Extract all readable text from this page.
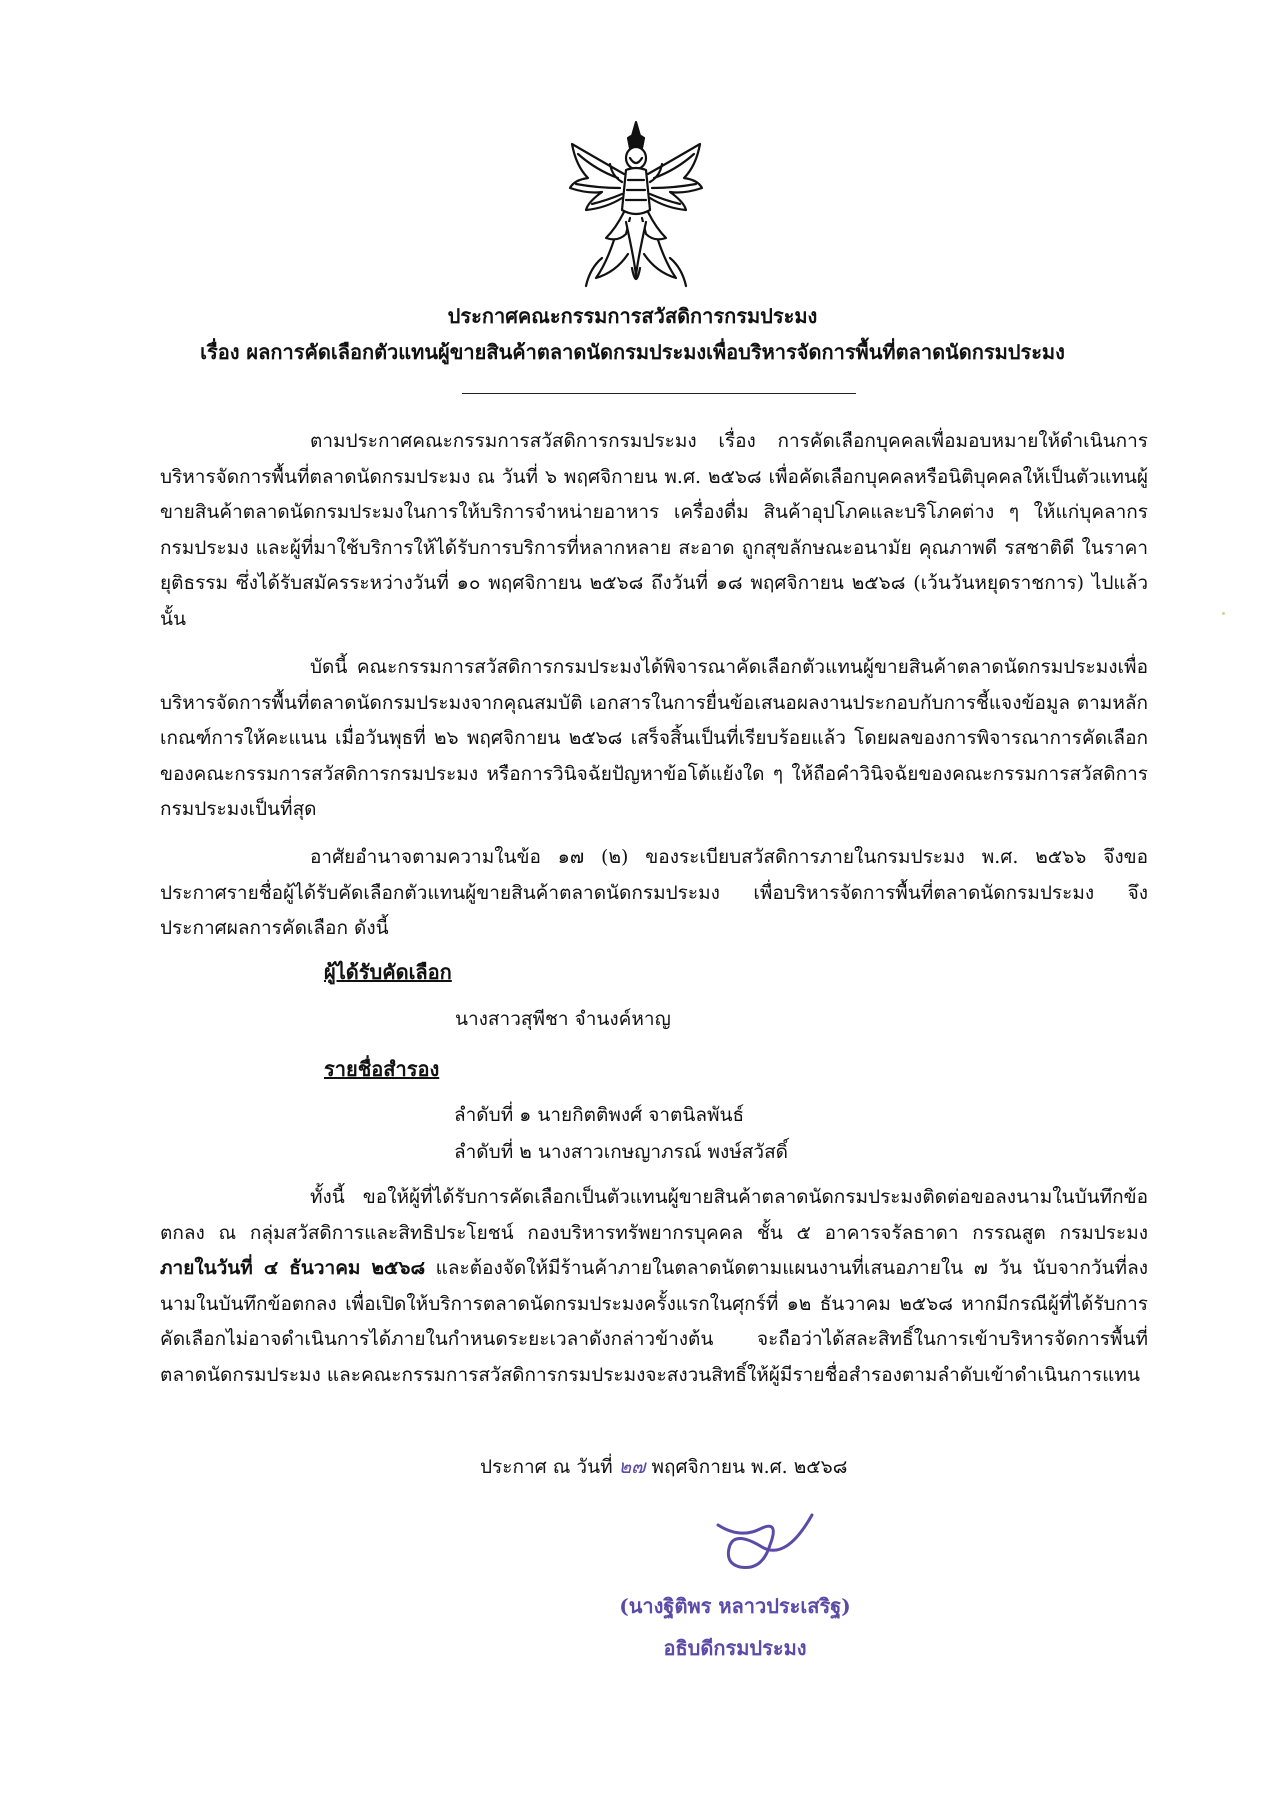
ประกาศคณะกรรมการสวัสดิการกรมประมง
เรื่อง ผลการคัดเลือกตัวแทนผู้ขายสินค้าตลาดนัดกรมประมงเพื่อบริหารจัดการพื้นที่ตลาดนัดกรมประมง
ตามประกาศคณะกรรมการสวัสดิการกรมประมง เรื่อง การคัดเลือกบุคคลเพื่อมอบหมายให้ดำเนินการบริหารจัดการพื้นที่ตลาดนัดกรมประมง ณ วันที่ ๖ พฤศจิกายน พ.ศ. ๒๕๖๘ เพื่อคัดเลือกบุคคลหรือนิติบุคคลให้เป็นตัวแทนผู้ขายสินค้าตลาดนัดกรมประมงในการให้บริการจำหน่ายอาหาร เครื่องดื่ม สินค้าอุปโภคและบริโภคต่าง ๆ ให้แก่บุคลากรกรมประมง และผู้ที่มาใช้บริการให้ได้รับการบริการที่หลากหลาย สะอาด ถูกสุขลักษณะอนามัย คุณภาพดี รสชาติดี ในราคายุติธรรม ซึ่งได้รับสมัครระหว่างวันที่ ๑๐ พฤศจิกายน ๒๕๖๘ ถึงวันที่ ๑๘ พฤศจิกายน ๒๕๖๘ (เว้นวันหยุดราชการ) ไปแล้ว นั้น
บัดนี้ คณะกรรมการสวัสดิการกรมประมงได้พิจารณาคัดเลือกตัวแทนผู้ขายสินค้าตลาดนัดกรมประมงเพื่อบริหารจัดการพื้นที่ตลาดนัดกรมประมงจากคุณสมบัติ เอกสารในการยื่นข้อเสนอผลงานประกอบกับการชี้แจงข้อมูล ตามหลักเกณฑ์การให้คะแนน เมื่อวันพุธที่ ๒๖ พฤศจิกายน ๒๕๖๘ เสร็จสิ้นเป็นที่เรียบร้อยแล้ว โดยผลของการพิจารณาการคัดเลือกของคณะกรรมการสวัสดิการกรมประมง หรือการวินิจฉัยปัญหาข้อโต้แย้งใด ๆ ให้ถือคำวินิจฉัยของคณะกรรมการสวัสดิการกรมประมงเป็นที่สุด
อาศัยอำนาจตามความในข้อ ๑๗ (๒) ของระเบียบสวัสดิการภายในกรมประมง พ.ศ. ๒๕๖๖ จึงขอประกาศรายชื่อผู้ได้รับคัดเลือกตัวแทนผู้ขายสินค้าตลาดนัดกรมประมง เพื่อบริหารจัดการพื้นที่ตลาดนัดกรมประมง จึงประกาศผลการคัดเลือก ดังนี้
ผู้ได้รับคัดเลือก
นางสาวสุพีชา จำนงค์หาญ
รายชื่อสำรอง
ลำดับที่ ๑ นายกิตติพงศ์ จาตนิลพันธ์
ลำดับที่ ๒ นางสาวเกษญาภรณ์ พงษ์สวัสดิ์
ทั้งนี้ ขอให้ผู้ที่ได้รับการคัดเลือกเป็นตัวแทนผู้ขายสินค้าตลาดนัดกรมประมงติดต่อขอลงนามในบันทึกข้อตกลง ณ กลุ่มสวัสดิการและสิทธิประโยชน์ กองบริหารทรัพยากรบุคคล ชั้น ๕ อาคารจรัลธาดา กรรณสูต กรมประมง ภายในวันที่ ๔ ธันวาคม ๒๕๖๘ และต้องจัดให้มีร้านค้าภายในตลาดนัดตามแผนงานที่เสนอภายใน ๗ วัน นับจากวันที่ลงนามในบันทึกข้อตกลง เพื่อเปิดให้บริการตลาดนัดกรมประมงครั้งแรกในศุกร์ที่ ๑๒ ธันวาคม ๒๕๖๘ หากมีกรณีผู้ที่ได้รับการคัดเลือกไม่อาจดำเนินการได้ภายในกำหนดระยะเวลาดังกล่าวข้างต้น จะถือว่าได้สละสิทธิ์ในการเข้าบริหารจัดการพื้นที่ตลาดนัดกรมประมง และคณะกรรมการสวัสดิการกรมประมงจะสงวนสิทธิ์ให้ผู้มีรายชื่อสำรองตามลำดับเข้าดำเนินการแทน
ประกาศ ณ วันที่ ๒๗ พฤศจิกายน พ.ศ. ๒๕๖๘
(นางฐิติพร หลาวประเสริฐ)
อธิบดีกรมประมง
